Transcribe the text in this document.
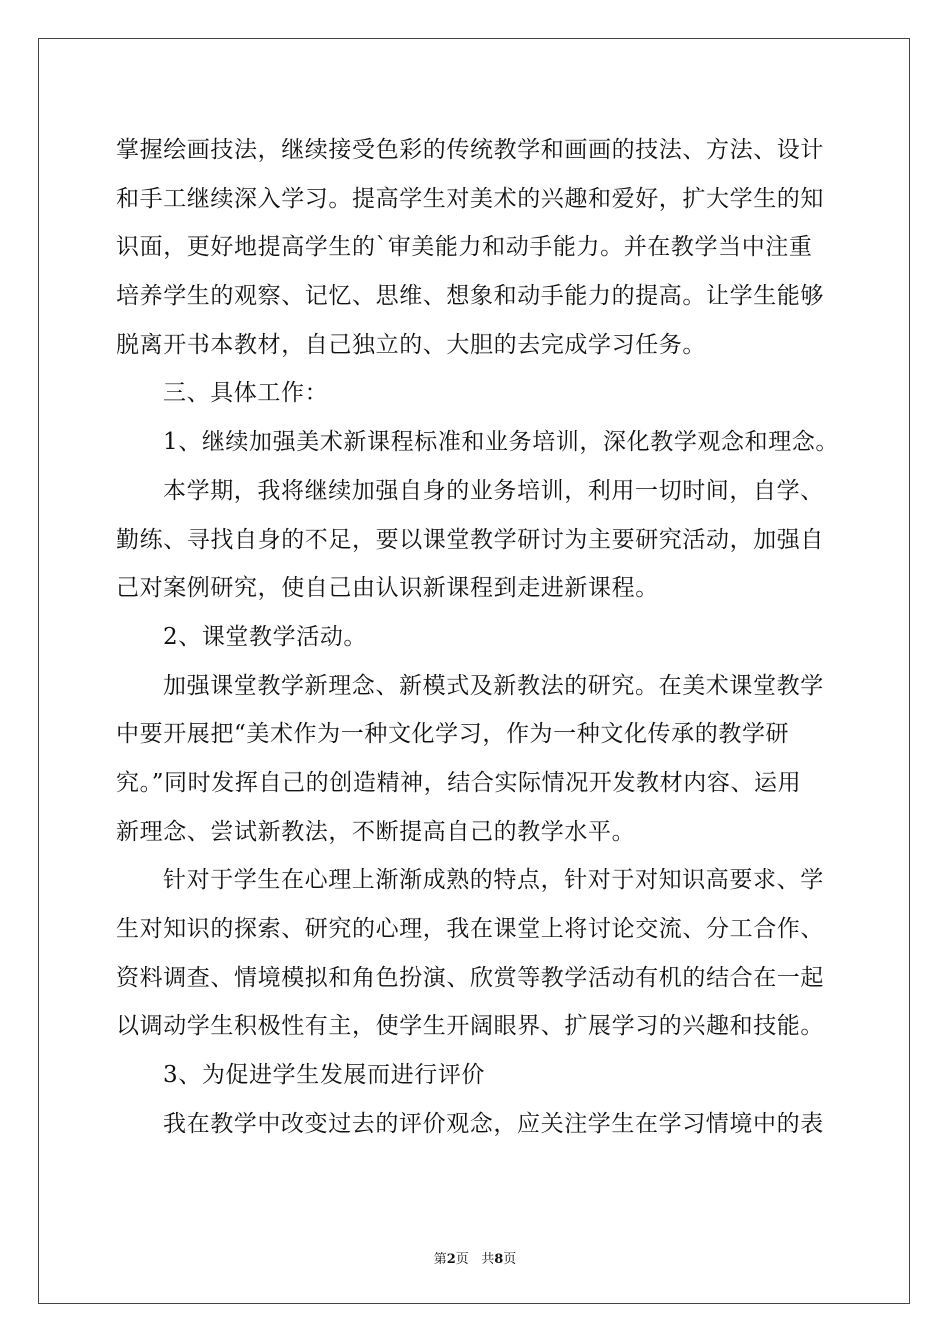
掌握绘画技法，继续接受色彩的传统教学和画画的技法、方法、设计
和手工继续深入学习。提高学生对美术的兴趣和爱好，扩大学生的知
识面，更好地提高学生的`审美能力和动手能力。并在教学当中注重
培养学生的观察、记忆、思维、想象和动手能力的提高。让学生能够
脱离开书本教材，自己独立的、大胆的去完成学习任务。
三、具体工作：
1、继续加强美术新课程标准和业务培训，深化教学观念和理念。
本学期，我将继续加强自身的业务培训，利用一切时间，自学、
勤练、寻找自身的不足，要以课堂教学研讨为主要研究活动，加强自
己对案例研究，使自己由认识新课程到走进新课程。
2、课堂教学活动。
加强课堂教学新理念、新模式及新教法的研究。在美术课堂教学
中要开展把“美术作为一种文化学习，作为一种文化传承的教学研
究。”同时发挥自己的创造精神，结合实际情况开发教材内容、运用
新理念、尝试新教法，不断提高自己的教学水平。
针对于学生在心理上渐渐成熟的特点，针对于对知识高要求、学
生对知识的探索、研究的心理，我在课堂上将讨论交流、分工合作、
资料调查、情境模拟和角色扮演、欣赏等教学活动有机的结合在一起
以调动学生积极性有主，使学生开阔眼界、扩展学习的兴趣和技能。
3、为促进学生发展而进行评价
我在教学中改变过去的评价观念，应关注学生在学习情境中的表
第2页 共8页
